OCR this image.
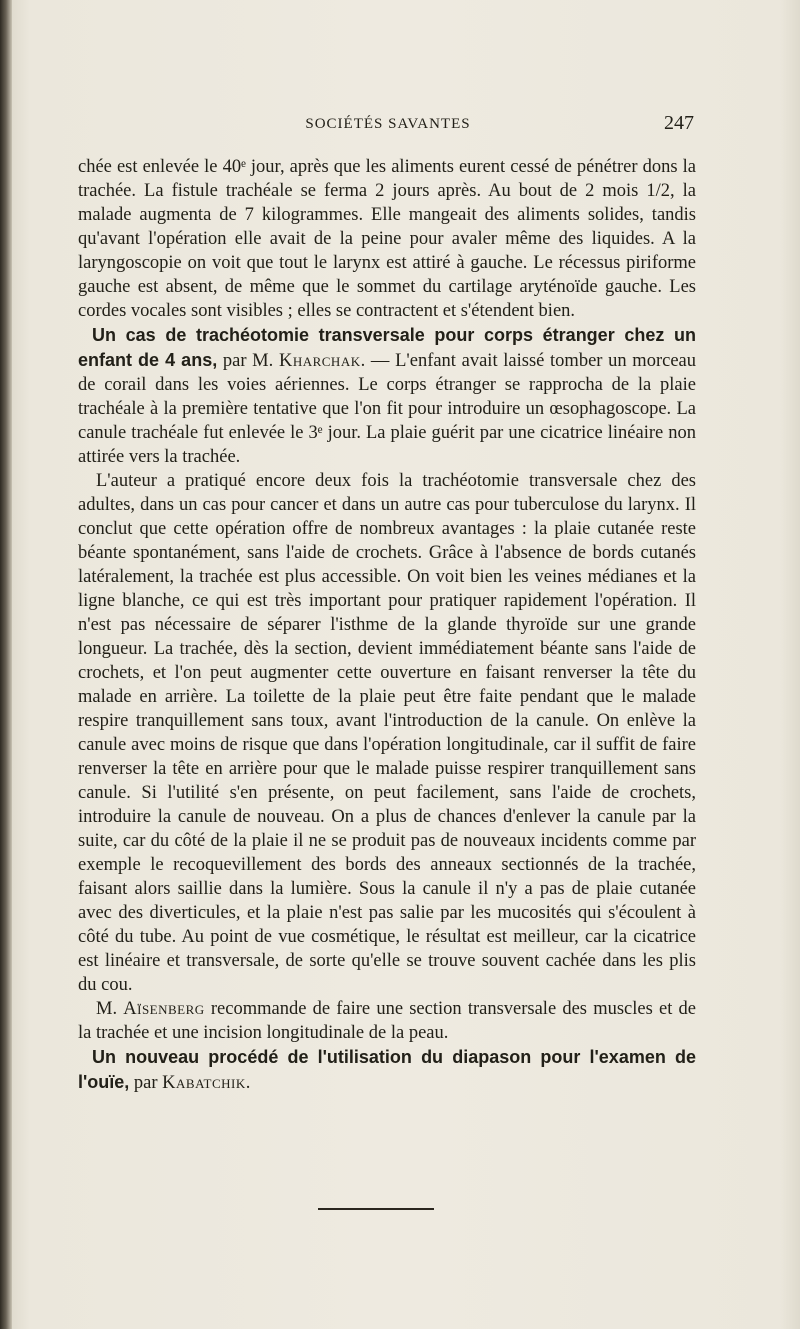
SOCIÉTÉS SAVANTES	247

chée est enlevée le 40ᵉ jour, après que les aliments eurent cessé de pénétrer dons la trachée. La fistule trachéale se ferma 2 jours après. Au bout de 2 mois 1/2, la malade augmenta de 7 kilogrammes. Elle mangeait des aliments solides, tandis qu'avant l'opération elle avait de la peine pour avaler même des liquides. A la laryngoscopie on voit que tout le larynx est attiré à gauche. Le récessus piriforme gauche est absent, de même que le sommet du cartilage aryténoïde gauche. Les cordes vocales sont visibles ; elles se contractent et s'étendent bien.

Un cas de trachéotomie transversale pour corps étranger chez un enfant de 4 ans, par M. Kharchak. — L'enfant avait laissé tomber un morceau de corail dans les voies aériennes. Le corps étranger se rapprocha de la plaie trachéale à la première tentative que l'on fit pour introduire un œsophagoscope. La canule trachéale fut enlevée le 3ᵉ jour. La plaie guérit par une cicatrice linéaire non attirée vers la trachée.

L'auteur a pratiqué encore deux fois la trachéotomie transversale chez des adultes, dans un cas pour cancer et dans un autre cas pour tuberculose du larynx. Il conclut que cette opération offre de nombreux avantages : la plaie cutanée reste béante spontanément, sans l'aide de crochets. Grâce à l'absence de bords cutanés latéralement, la trachée est plus accessible. On voit bien les veines médianes et la ligne blanche, ce qui est très important pour pratiquer rapidement l'opération. Il n'est pas nécessaire de séparer l'isthme de la glande thyroïde sur une grande longueur. La trachée, dès la section, devient immédiatement béante sans l'aide de crochets, et l'on peut augmenter cette ouverture en faisant renverser la tête du malade en arrière. La toilette de la plaie peut être faite pendant que le malade respire tranquillement sans toux, avant l'introduction de la canule. On enlève la canule avec moins de risque que dans l'opération longitudinale, car il suffit de faire renverser la tête en arrière pour que le malade puisse respirer tranquillement sans canule. Si l'utilité s'en présente, on peut facilement, sans l'aide de crochets, introduire la canule de nouveau. On a plus de chances d'enlever la canule par la suite, car du côté de la plaie il ne se produit pas de nouveaux incidents comme par exemple le recoquevillement des bords des anneaux sectionnés de la trachée, faisant alors saillie dans la lumière. Sous la canule il n'y a pas de plaie cutanée avec des diverticules, et la plaie n'est pas salie par les mucosités qui s'écoulent à côté du tube. Au point de vue cosmétique, le résultat est meilleur, car la cicatrice est linéaire et transversale, de sorte qu'elle se trouve souvent cachée dans les plis du cou.

M. Aïsenberg recommande de faire une section transversale des muscles et de la trachée et une incision longitudinale de la peau.

Un nouveau procédé de l'utilisation du diapason pour l'examen de l'ouïe, par Kabatchik.
